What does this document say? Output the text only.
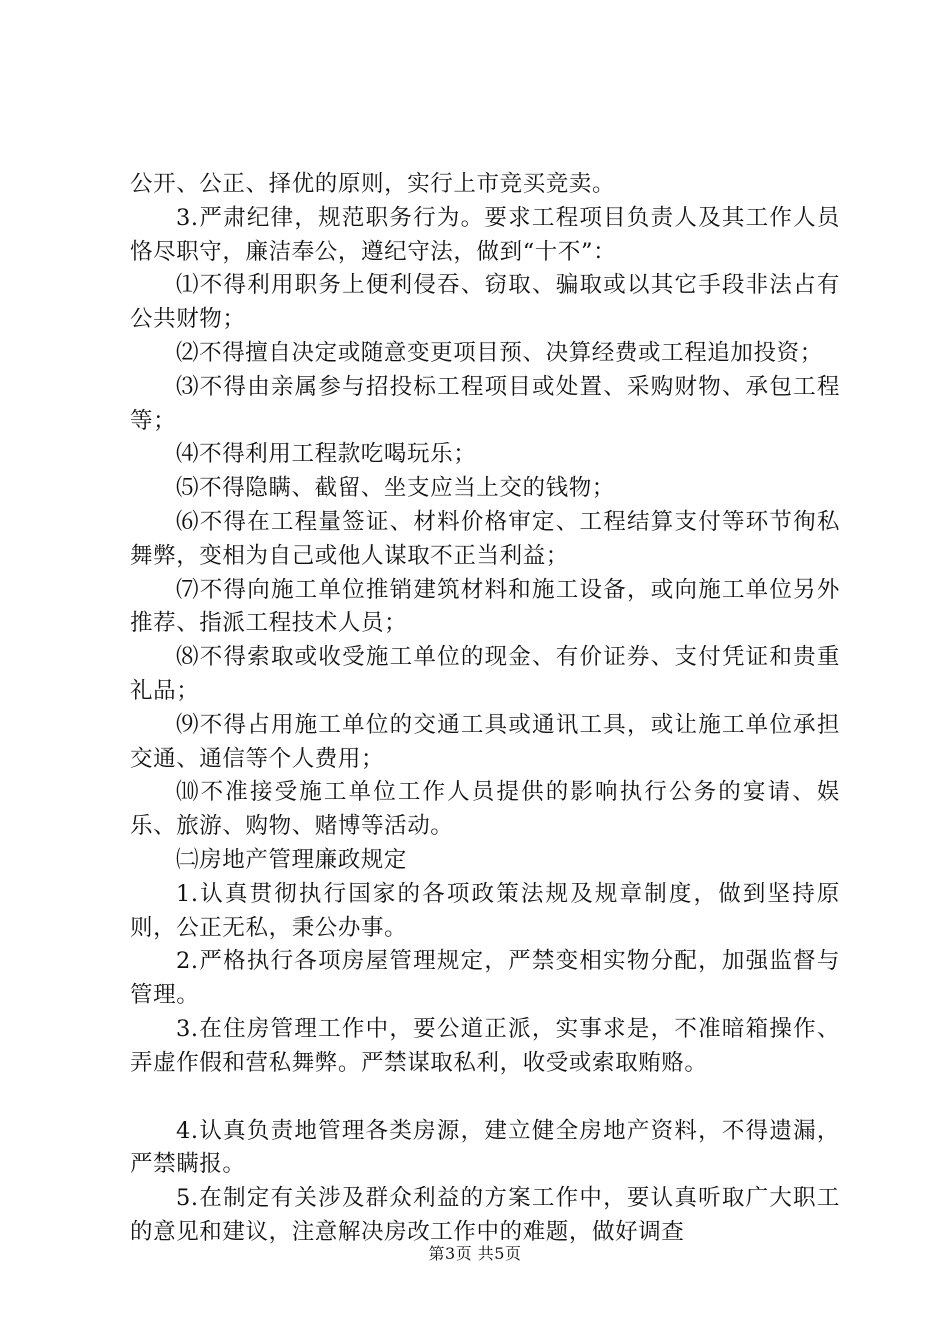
公开、公正、择优的原则，实行上市竞买竞卖。

3.严肃纪律，规范职务行为。要求工程项目负责人及其工作人员恪尽职守，廉洁奉公，遵纪守法，做到“十不”：

⑴不得利用职务上便利侵吞、窃取、骗取或以其它手段非法占有公共财物；

⑵不得擅自决定或随意变更项目预、决算经费或工程追加投资；

⑶不得由亲属参与招投标工程项目或处置、采购财物、承包工程等；

⑷不得利用工程款吃喝玩乐；

⑸不得隐瞒、截留、坐支应当上交的钱物；

⑹不得在工程量签证、材料价格审定、工程结算支付等环节徇私舞弊，变相为自己或他人谋取不正当利益；

⑺不得向施工单位推销建筑材料和施工设备，或向施工单位另外推荐、指派工程技术人员；

⑻不得索取或收受施工单位的现金、有价证券、支付凭证和贵重礼品；

⑼不得占用施工单位的交通工具或通讯工具，或让施工单位承担交通、通信等个人费用；

⑽不准接受施工单位工作人员提供的影响执行公务的宴请、娱乐、旅游、购物、赌博等活动。

㈡房地产管理廉政规定

1.认真贯彻执行国家的各项政策法规及规章制度，做到坚持原则，公正无私，秉公办事。

2.严格执行各项房屋管理规定，严禁变相实物分配，加强监督与管理。

3.在住房管理工作中，要公道正派，实事求是，不准暗箱操作、弄虚作假和营私舞弊。严禁谋取私利，收受或索取贿赂。

4.认真负责地管理各类房源，建立健全房地产资料，不得遗漏，严禁瞒报。

5.在制定有关涉及群众利益的方案工作中，要认真听取广大职工的意见和建议，注意解决房改工作中的难题，做好调查

第3页 共5页
